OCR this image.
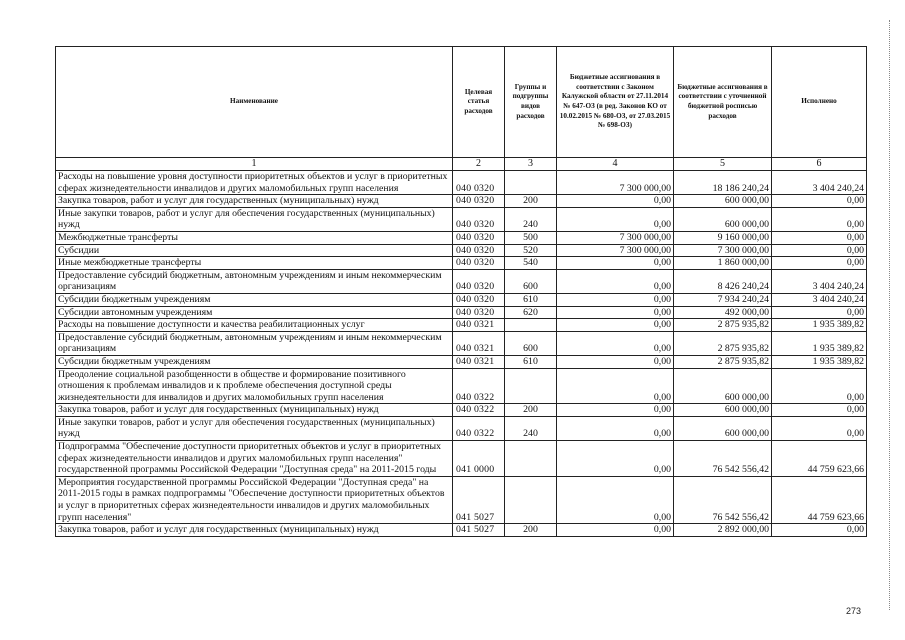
Наименование	Целевая статья расходов	Группы и подгруппы видов расходов	Бюджетные ассигнования в соответствии с Законом Калужской области от 27.11.2014 № 647-ОЗ (в ред. Законов КО от 10.02.2015 № 680-ОЗ, от 27.03.2015 № 698-ОЗ)	Бюджетные ассигнования в соответствии с уточненной бюджетной росписью расходов	Исполнено
1	2	3	4	5	6
Расходы на повышение уровня доступности приоритетных объектов и услуг в приоритетных сферах жизнедеятельности инвалидов и других маломобильных групп населения	040 0320		7 300 000,00	18 186 240,24	3 404 240,24
Закупка товаров, работ и услуг для государственных (муниципальных) нужд	040 0320	200	0,00	600 000,00	0,00
Иные закупки товаров, работ и услуг для обеспечения государственных (муниципальных) нужд	040 0320	240	0,00	600 000,00	0,00
Межбюджетные трансферты	040 0320	500	7 300 000,00	9 160 000,00	0,00
Субсидии	040 0320	520	7 300 000,00	7 300 000,00	0,00
Иные межбюджетные трансферты	040 0320	540	0,00	1 860 000,00	0,00
Предоставление субсидий бюджетным, автономным учреждениям и иным некоммерческим организациям	040 0320	600	0,00	8 426 240,24	3 404 240,24
Субсидии бюджетным учреждениям	040 0320	610	0,00	7 934 240,24	3 404 240,24
Субсидии автономным учреждениям	040 0320	620	0,00	492 000,00	0,00
Расходы на повышение доступности и качества реабилитационных услуг	040 0321		0,00	2 875 935,82	1 935 389,82
Предоставление субсидий бюджетным, автономным учреждениям и иным некоммерческим организациям	040 0321	600	0,00	2 875 935,82	1 935 389,82
Субсидии бюджетным учреждениям	040 0321	610	0,00	2 875 935,82	1 935 389,82
Преодоление социальной разобщенности в обществе и формирование позитивного отношения к проблемам инвалидов и к проблеме обеспечения доступной среды жизнедеятельности для инвалидов и других маломобильных групп населения	040 0322		0,00	600 000,00	0,00
Закупка товаров, работ и услуг для государственных (муниципальных) нужд	040 0322	200	0,00	600 000,00	0,00
Иные закупки товаров, работ и услуг для обеспечения государственных (муниципальных) нужд	040 0322	240	0,00	600 000,00	0,00
Подпрограмма "Обеспечение доступности приоритетных объектов и услуг в приоритетных сферах жизнедеятельности инвалидов и других маломобильных групп населения" государственной программы Российской Федерации "Доступная среда" на 2011-2015 годы	041 0000		0,00	76 542 556,42	44 759 623,66
Мероприятия государственной программы Российской Федерации "Доступная среда" на 2011-2015 годы в рамках подпрограммы "Обеспечение доступности приоритетных объектов и услуг в приоритетных сферах жизнедеятельности инвалидов и других маломобильных групп населения"	041 5027		0,00	76 542 556,42	44 759 623,66
Закупка товаров, работ и услуг для государственных (муниципальных) нужд	041 5027	200	0,00	2 892 000,00	0,00
273
